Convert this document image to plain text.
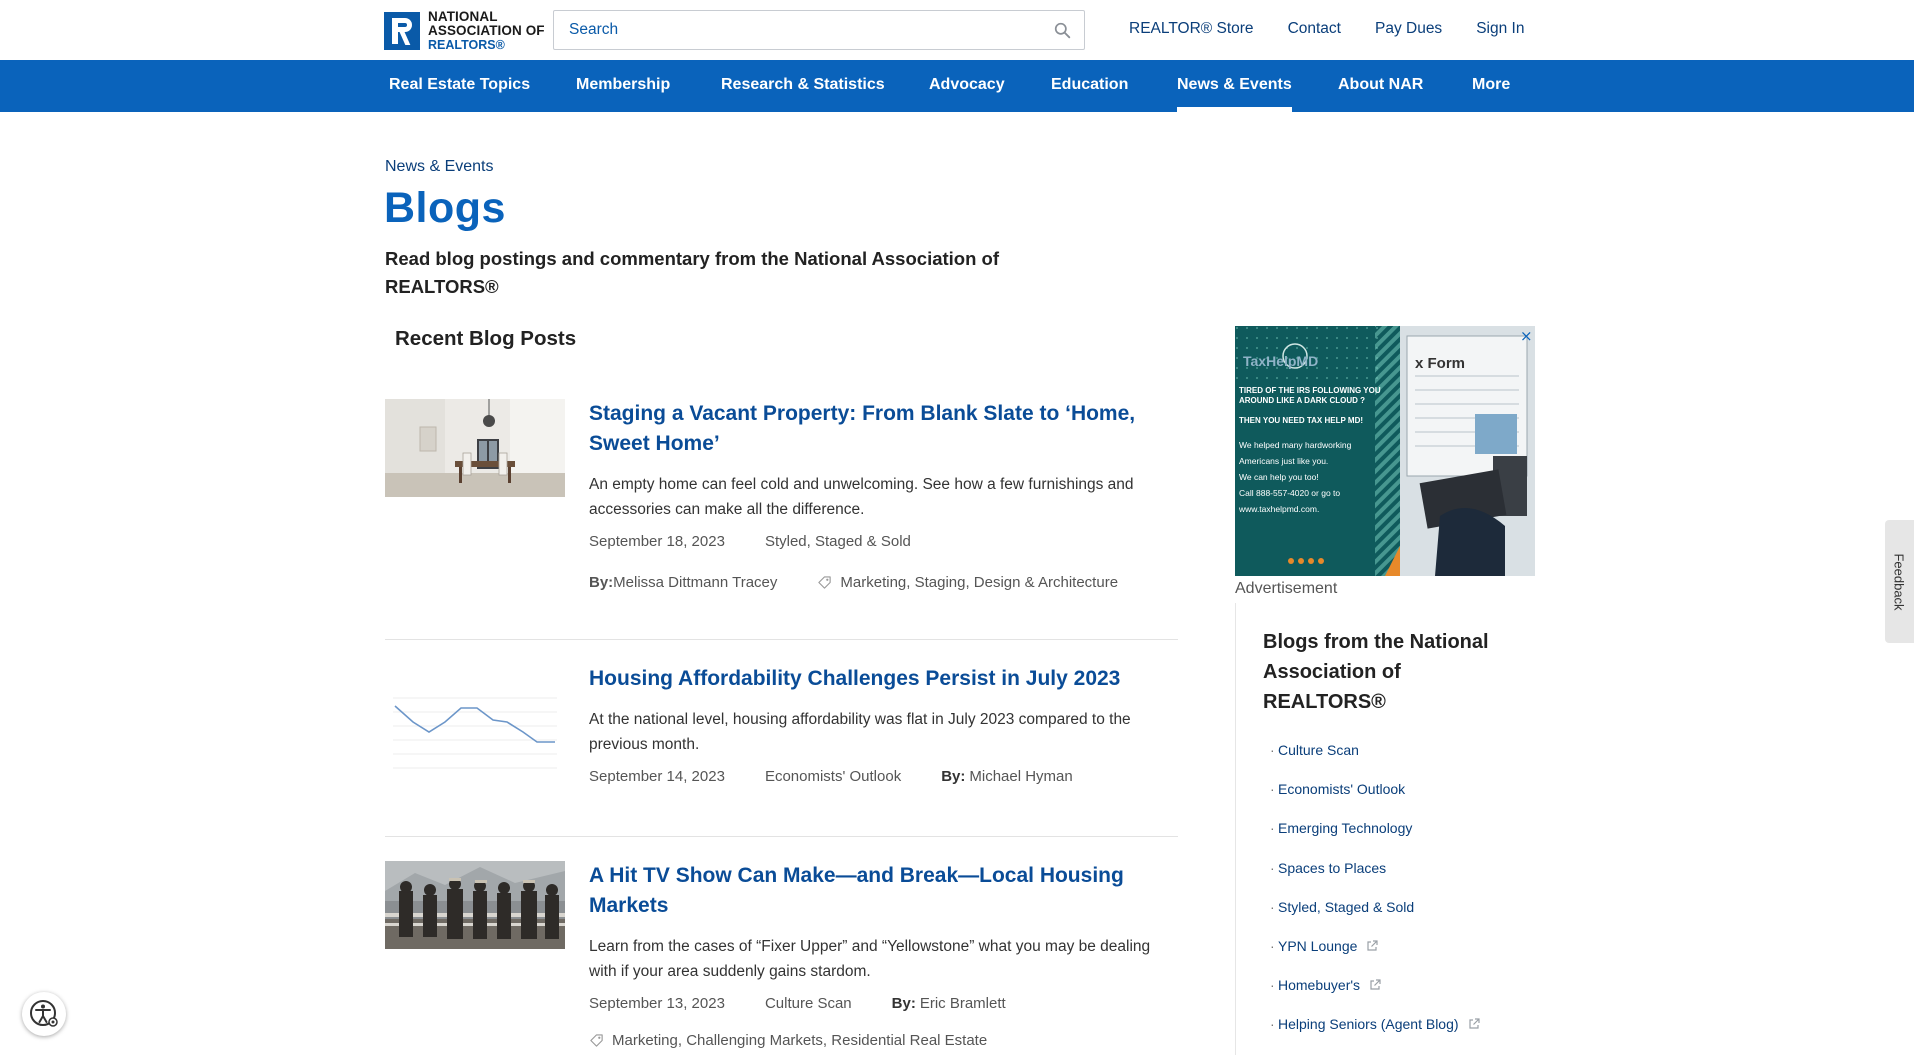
NATIONAL
ASSOCIATION OF
REALTORS®
Search
REALTOR® Store Contact Pay Dues Sign In
Real Estate Topics	Membership	Research & Statistics	Advocacy	Education	News & Events	About NAR	More
News & Events
Blogs
Read blog postings and commentary from the National Association of REALTORS®
Recent Blog Posts
Staging a Vacant Property: From Blank Slate to ‘Home, Sweet Home’

An empty home can feel cold and unwelcoming. See how a few furnishings and accessories can make all the difference.

September 18, 2023	Styled, Staged & Sold
By: Melissa Dittmann Tracey	Marketing, Staging, Design & Architecture
Housing Affordability Challenges Persist in July 2023

At the national level, housing affordability was flat in July 2023 compared to the previous month.

September 14, 2023	Economists' Outlook	By: Michael Hyman
A Hit TV Show Can Make—and Break—Local Housing Markets

Learn from the cases of “Fixer Upper” and “Yellowstone” what you may be dealing with if your area suddenly gains stardom.

September 13, 2023	Culture Scan	By: Eric Bramlett
Marketing, Challenging Markets, Residential Real Estate
TaxHelpMD	x Form
TIRED OF THE IRS FOLLOWING YOU AROUND LIKE A DARK CLOUD ?
THEN YOU NEED TAX HELP MD!
We helped many hardworking
Americans just like you.
We can help you too!
Call 888-557-4020 or go to
www.taxhelpmd.com.
×
Advertisement
Blogs from the National Association of REALTORS®
· Culture Scan
· Economists' Outlook
· Emerging Technology
· Spaces to Places
· Styled, Staged & Sold
· YPN Lounge
· Homebuyer's
· Helping Seniors (Agent Blog)
Feedback
